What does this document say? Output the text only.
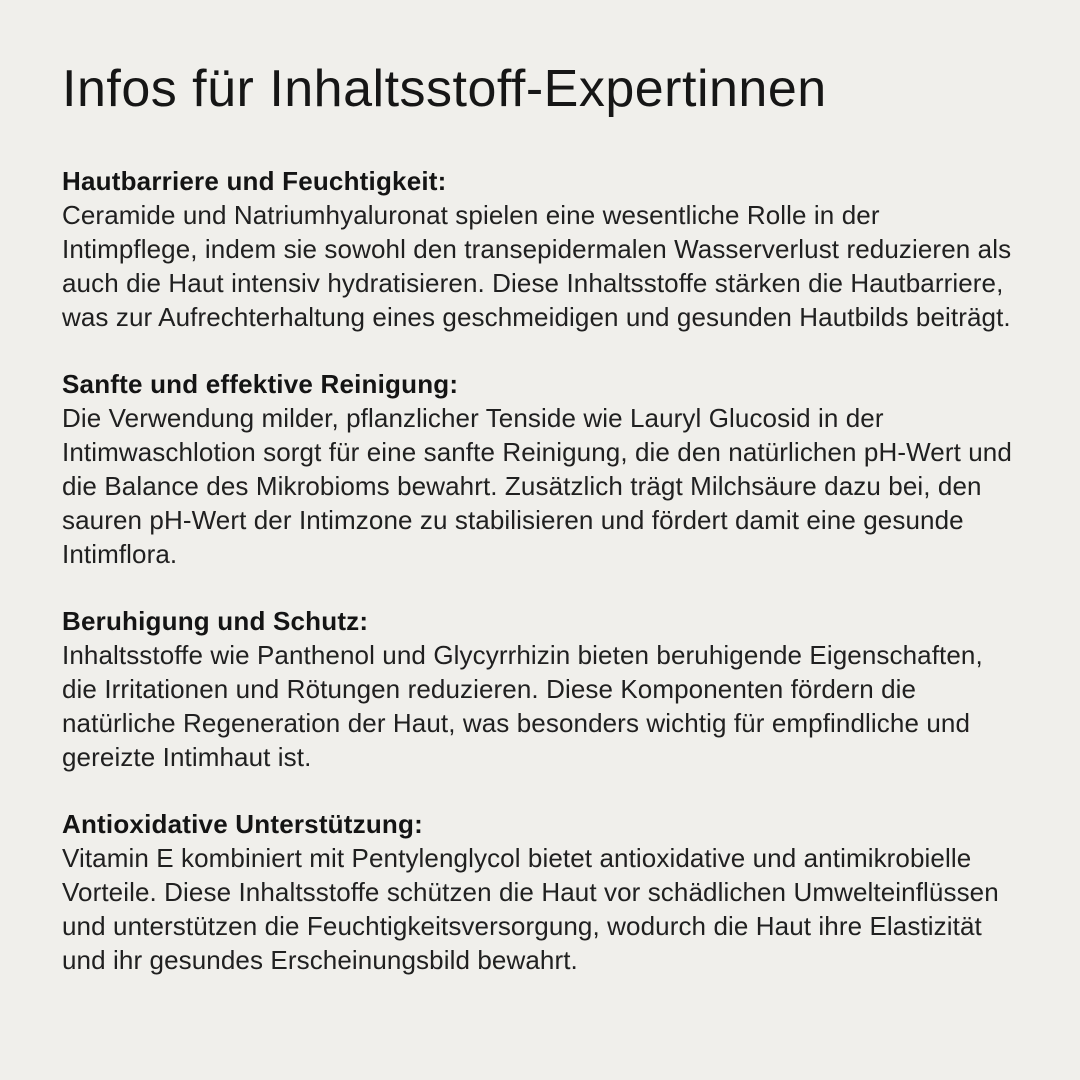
Infos für Inhaltsstoff-Expertinnen
Hautbarriere und Feuchtigkeit:

Ceramide und Natriumhyaluronat spielen eine wesentliche Rolle in der Intimpflege, indem sie sowohl den transepidermalen Wasserverlust reduzieren als auch die Haut intensiv hydratisieren. Diese Inhaltsstoffe stärken die Hautbarriere, was zur Aufrechterhaltung eines geschmeidigen und gesunden Hautbilds beiträgt.

Sanfte und effektive Reinigung:

Die Verwendung milder, pflanzlicher Tenside wie Lauryl Glucosid in der Intimwaschlotion sorgt für eine sanfte Reinigung, die den natürlichen pH-Wert und die Balance des Mikrobioms bewahrt. Zusätzlich trägt Milchsäure dazu bei, den sauren pH-Wert der Intimzone zu stabilisieren und fördert damit eine gesunde Intimflora.

Beruhigung und Schutz:

Inhaltsstoffe wie Panthenol und Glycyrrhizin bieten beruhigende Eigenschaften, die Irritationen und Rötungen reduzieren. Diese Komponenten fördern die natürliche Regeneration der Haut, was besonders wichtig für empfindliche und gereizte Intimhaut ist.

Antioxidative Unterstützung:

Vitamin E kombiniert mit Pentylenglycol bietet antioxidative und antimikrobielle Vorteile. Diese Inhaltsstoffe schützen die Haut vor schädlichen Umwelteinflüssen und unterstützen die Feuchtigkeitsversorgung, wodurch die Haut ihre Elastizität und ihr gesundes Erscheinungsbild bewahrt.
